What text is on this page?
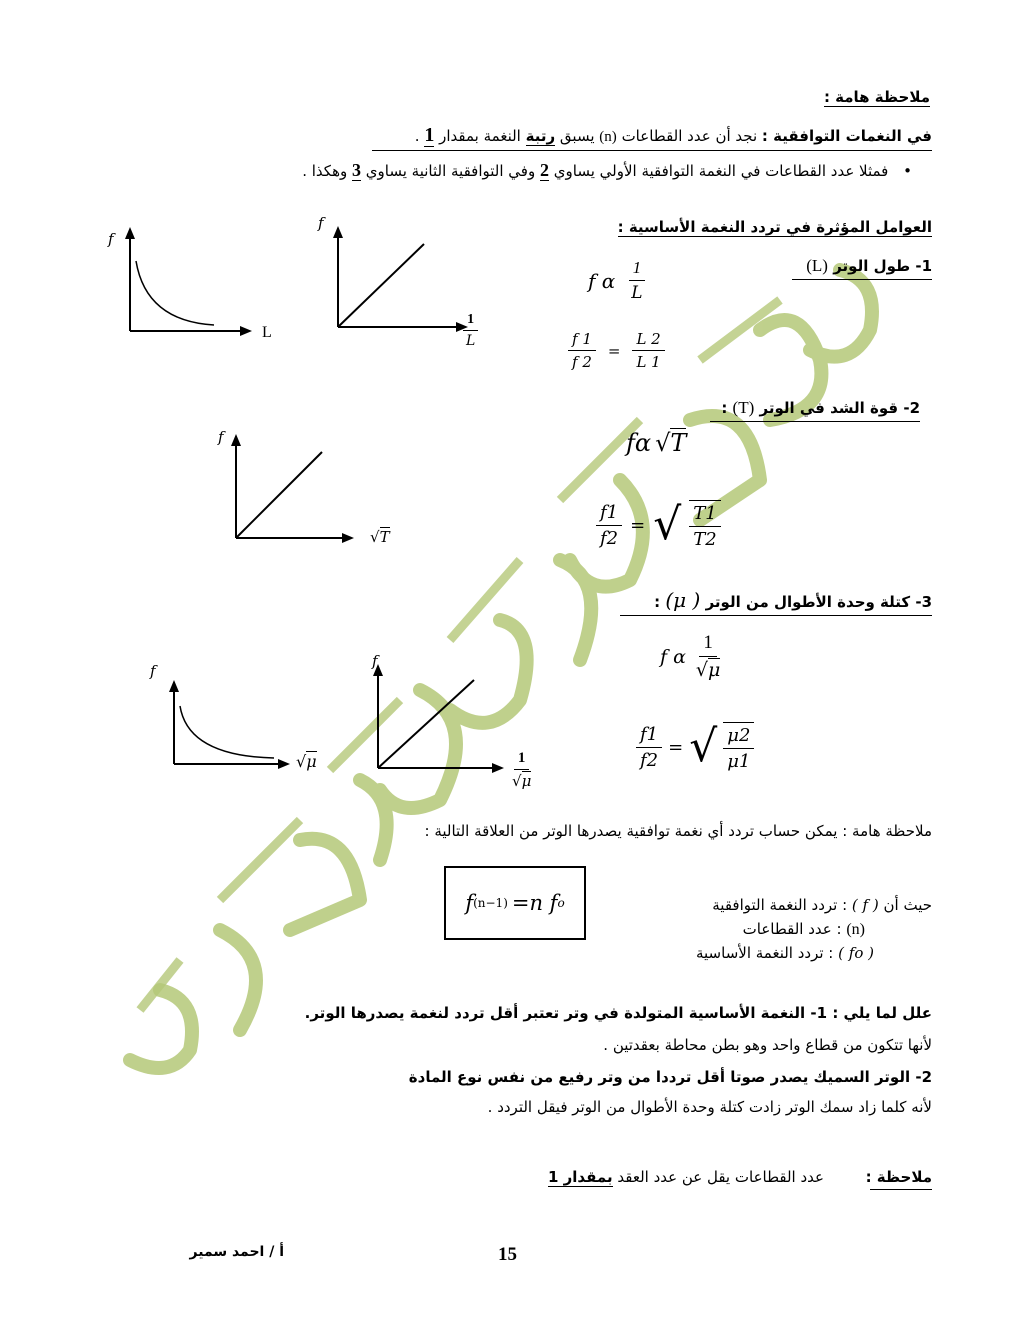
ملاحظة هامة :
في النغمات التوافقية : نجد أن عدد القطاعات (n) يسبق رتبة النغمة بمقدار 1 .
• فمثلا عدد القطاعات في النغمة التوافقية الأولي يساوي 2 وفي التوافقية الثانية يساوي 3 وهكذا .
العوامل المؤثرة في تردد النغمة الأساسية :
1- طول الوتر (L)
f α $\frac{1}{L}$
$\frac{f 1}{f 2} = \frac{L 2}{L 1}$
2- قوة الشد في الوتر (T) :
fα √ T
$\frac{f1}{f2}$ = √ $\frac{T1}{T2}$
3- كتلة وحدة الأطوال من الوتر ( μ) :
f α $\frac{1}{√\mu}$
$\frac{f1}{f2}$ = √ $\frac{\mu 2}{\mu 1}$
f
L
f
$\frac{1}{L}$
f
√T
f
√μ
f
$\frac{1}{√\mu}$
ملاحظة هامة : يمكن حساب تردد أي نغمة توافقية يصدرها الوتر من العلاقة التالية :
f (n−1) =n f o	حيث أن ( f ) : تردد النغمة التوافقية
(n) : عدد القطاعات
( fo ) : تردد النغمة الأساسية
علل لما يلي : 1- النغمة الأساسية المتولدة في وتر تعتبر أقل تردد لنغمة يصدرها الوتر.
لأنها تتكون من قطاع واحد وهو بطن محاطة بعقدتين .
2- الوتر السميك يصدر صوتا أقل ترددا من وتر رفيع من نفس نوع المادة
لأنه كلما زاد سمك الوتر زادت كتلة وحدة الأطوال من الوتر فيقل التردد .
ملاحظة :
عدد القطاعات يقل عن عدد العقد بمقدار 1
15
أ / احمد سمير
